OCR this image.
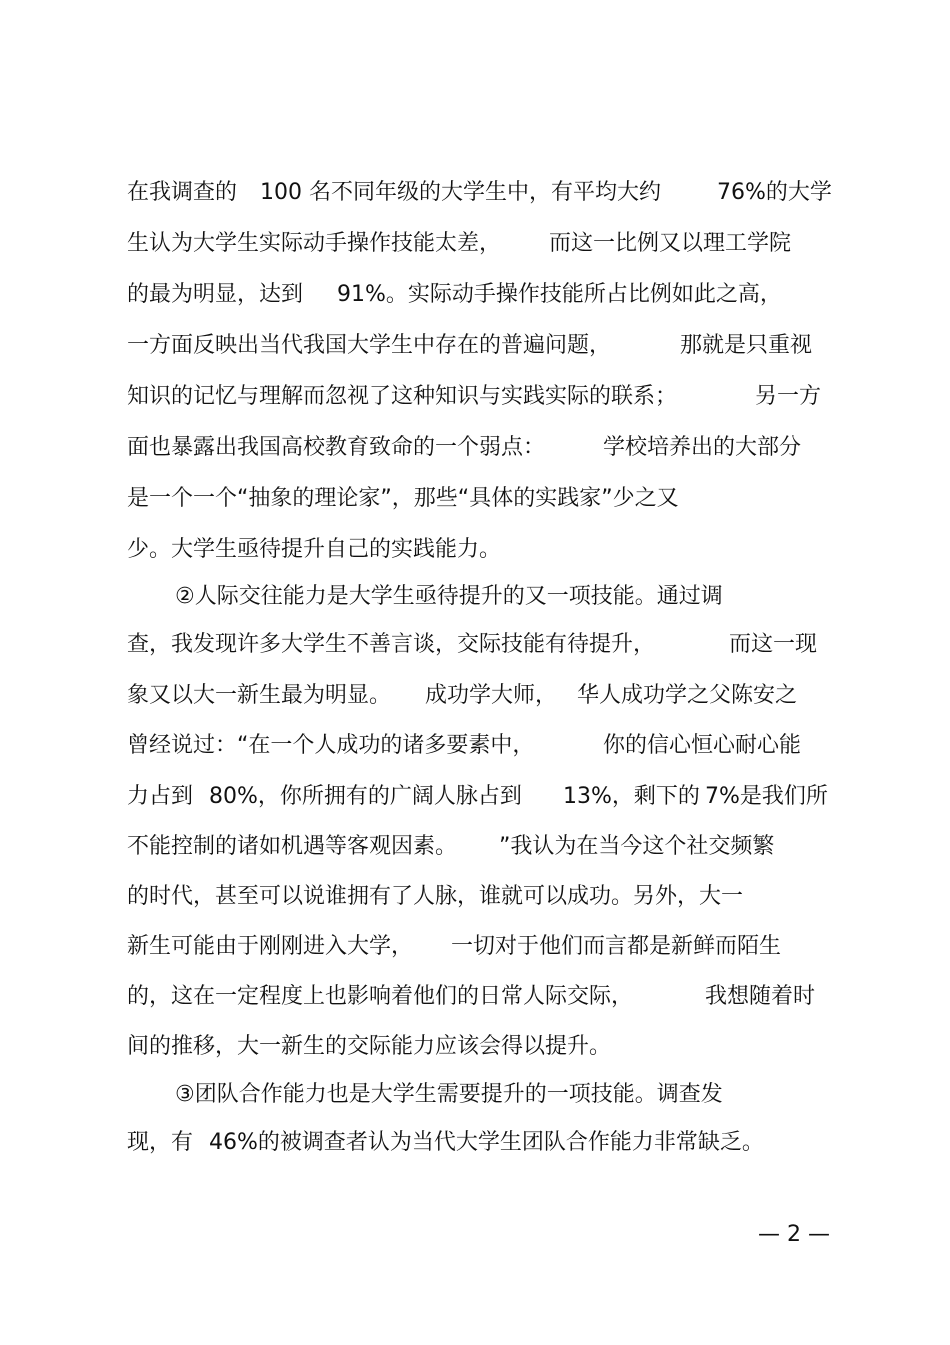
在我调查的 100 名不同年级的大学生中，有平均大约	76%的大学
生认为大学生实际动手操作技能太差， 而这一比例又以理工学院
的最为明显，达到 91%。实际动手操作技能所占比例如此之高，
一方面反映出当代我国大学生中存在的普遍问题，	那就是只重视
知识的记忆与理解而忽视了这种知识与实践实际的联系；	另一方
面也暴露出我国高校教育致命的一个弱点：	学校培养出的大部分
是一个一个“抽象的理论家”，那些“具体的实践家”少之又
少。大学生亟待提升自己的实践能力。
②人际交往能力是大学生亟待提升的又一项技能。通过调
查，我发现许多大学生不善言谈，交际技能有待提升，	而这一现
象又以大一新生最为明显。 成功学大师， 华人成功学之父陈安之
曾经说过：“在一个人成功的诸多要素中，	你的信心恒心耐心能
力占到 80%，你所拥有的广阔人脉占到 13%，剩下的 7%是我们所
不能控制的诸如机遇等客观因素。 ”我认为在当今这个社交频繁
的时代，甚至可以说谁拥有了人脉，谁就可以成功。另外，大一
新生可能由于刚刚进入大学， 一切对于他们而言都是新鲜而陌生
的，这在一定程度上也影响着他们的日常人际交际，	我想随着时
间的推移，大一新生的交际能力应该会得以提升。
③团队合作能力也是大学生需要提升的一项技能。调查发
现，有 46%的被调查者认为当代大学生团队合作能力非常缺乏。
— 2 —
